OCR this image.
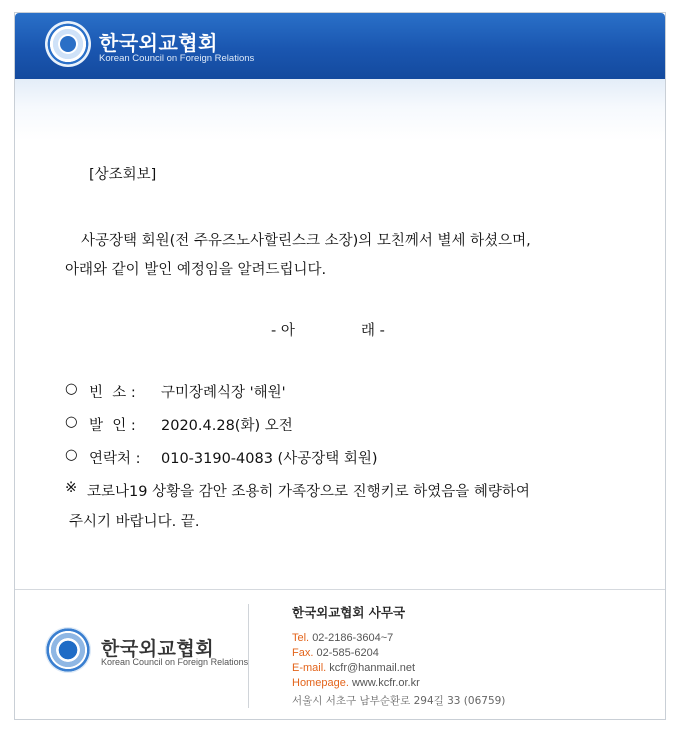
한국외교협회
Korean Council on Foreign Relations
[상조회보]
사공장택 회원(전 주유즈노사할린스크 소장)의 모친께서 별세 하셨으며,
아래와 같이 발인 예정임을 알려드립니다.
- 아	래 -
○ 빈  소 : 구미장례식장 '해원'
○ 발  인 : 2020.4.28(화) 오전
○ 연락처 : 010-3190-4083 (사공장택 회원)
※ 코로나19 상황을 감안 조용히 가족장으로 진행키로 하였음을 혜량하여
주시기 바랍니다. 끝.
한국외교협회
Korean Council on Foreign Relations
한국외교협회 사무국
Tel. 02-2186-3604~7
Fax. 02-585-6204
E-mail. kcfr@hanmail.net
Homepage. www.kcfr.or.kr
서울시 서초구 남부순환로 294길 33 (06759)
